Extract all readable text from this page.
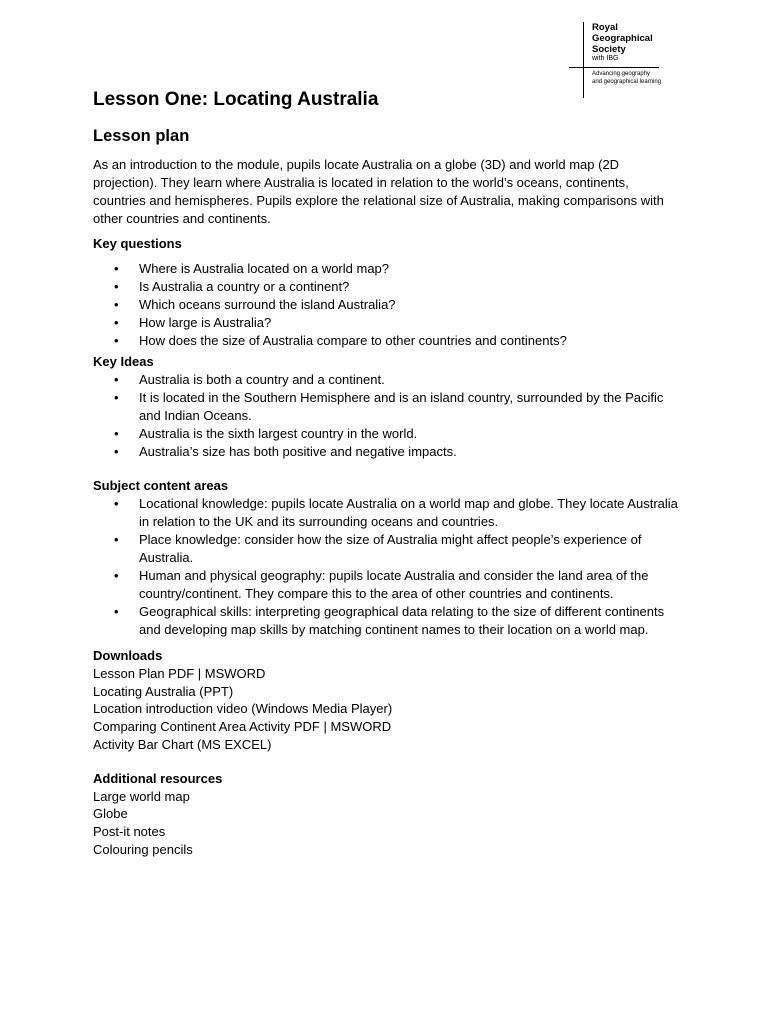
Royal
Geographical
Society
with IBG
Advancing geography
and geographical learning
Lesson One: Locating Australia
Lesson plan

As an introduction to the module, pupils locate Australia on a globe (3D) and world map (2D projection). They learn where Australia is located in relation to the world’s oceans, continents, countries and hemispheres. Pupils explore the relational size of Australia, making comparisons with other countries and continents.

Key questions
• Where is Australia located on a world map?
• Is Australia a country or a continent?
• Which oceans surround the island Australia?
• How large is Australia?
• How does the size of Australia compare to other countries and continents?
Key Ideas
• Australia is both a country and a continent.
• It is located in the Southern Hemisphere and is an island country, surrounded by the Pacific and Indian Oceans.
• Australia is the sixth largest country in the world.
• Australia’s size has both positive and negative impacts.
Subject content areas
• Locational knowledge: pupils locate Australia on a world map and globe. They locate Australia in relation to the UK and its surrounding oceans and countries.
• Place knowledge: consider how the size of Australia might affect people’s experience of Australia.
• Human and physical geography: pupils locate Australia and consider the land area of the country/continent. They compare this to the area of other countries and continents.
• Geographical skills: interpreting geographical data relating to the size of different continents and developing map skills by matching continent names to their location on a world map.
Downloads
Lesson Plan PDF | MSWORD
Locating Australia (PPT)
Location introduction video (Windows Media Player)
Comparing Continent Area Activity PDF | MSWORD
Activity Bar Chart (MS EXCEL)
Additional resources
Large world map
Globe
Post-it notes
Colouring pencils
